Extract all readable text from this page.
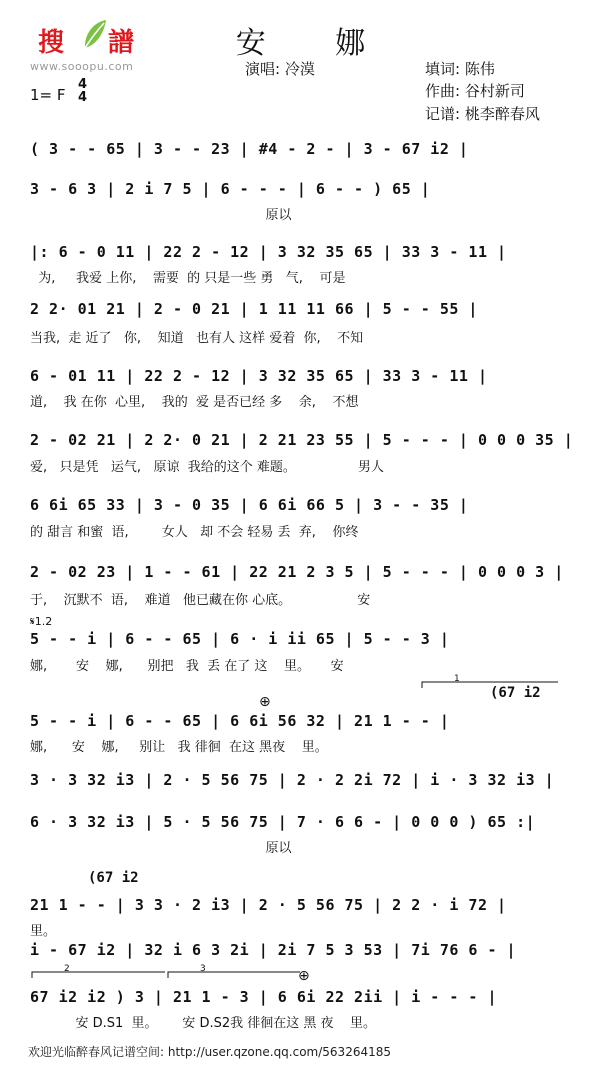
搜 譜
www.sooopu.com
安 娜
演唱: 冷漠	填词: 陈伟
作曲: 谷村新司
记谱: 桃李醉春风
1= F
4
4
( 3 - - 65 | 3 - - 23 | #4 - 2 - | 3 - 67 i2 |
3 - 6 3 | 2 i 7 5 | 6 - - - | 6 - - ) 65 |
原以
|: 6 - 0 11 | 22 2 - 12 | 3 32 35 65 | 33 3 - 11 |
为,     我爱 上你,    需要  的 只是一些 勇   气,    可是
2 2· 01 21 | 2 - 0 21 | 1 11 11 66 | 5 - - 55 |
当我,  走 近了   你,    知道   也有人 这样 爱着  你,    不知
6 - 01 11 | 22 2 - 12 | 3 32 35 65 | 33 3 - 11 |
道,    我 在你  心里,    我的  爱 是否已经 多    余,    不想
2 - 02 21 | 2 2· 0 21 | 2 21 23 55 | 5 - - - | 0 0 0 35 |
爱,   只是凭   运气,   原谅  我给的这个 难题。               男人
6 6i 65 33 | 3 - 0 35 | 6 6i 66 5 | 3 - - 35 |
的 甜言 和蜜  语,        女人   却 不会 轻易 丢  弃,    你终
2 - 02 23 | 1 - - 61 | 22 21 2 3 5 | 5 - - - | 0 0 0 3 |
于,    沉默不  语,    难道   他已藏在你 心底。                安
𝄋1.2
5 - - i | 6 - - 65 | 6 · i ii 65 | 5 - - 3 |
娜,       安    娜,      别把   我  丢 在了 这    里。     安
(67 i2
5 - - i | 6 - - 65 | 6 6i 56 32 | 21 1 - - |
娜,      安    娜,     别让   我 徘徊  在这 黑夜    里。
3 · 3 32 i3 | 2 · 5 56 75 | 2 · 2 2i 72 | i · 3 32 i3 |
6 · 3 32 i3 | 5 · 5 56 75 | 7 · 6 6 - | 0 0 0 ) 65 :|
原以
(67 i2
21 1 - - | 3 3 · 2 i3 | 2 · 5 56 75 | 2 2 · i 72 |
里。
i - 67 i2 | 32 i 6 3 2i | 2i 7 5 3 53 | 7i 76 6 - |
67 i2 i2 ) 3 | 21 1 - 3 | 6 6i 22 2ii | i - - - |
安 D.S1  里。      安 D.S2我 徘徊在这 黑 夜    里。
1
2	3
⊕
⊕
欢迎光临醉春风记谱空间: http://user.qzone.qq.com/563264185
